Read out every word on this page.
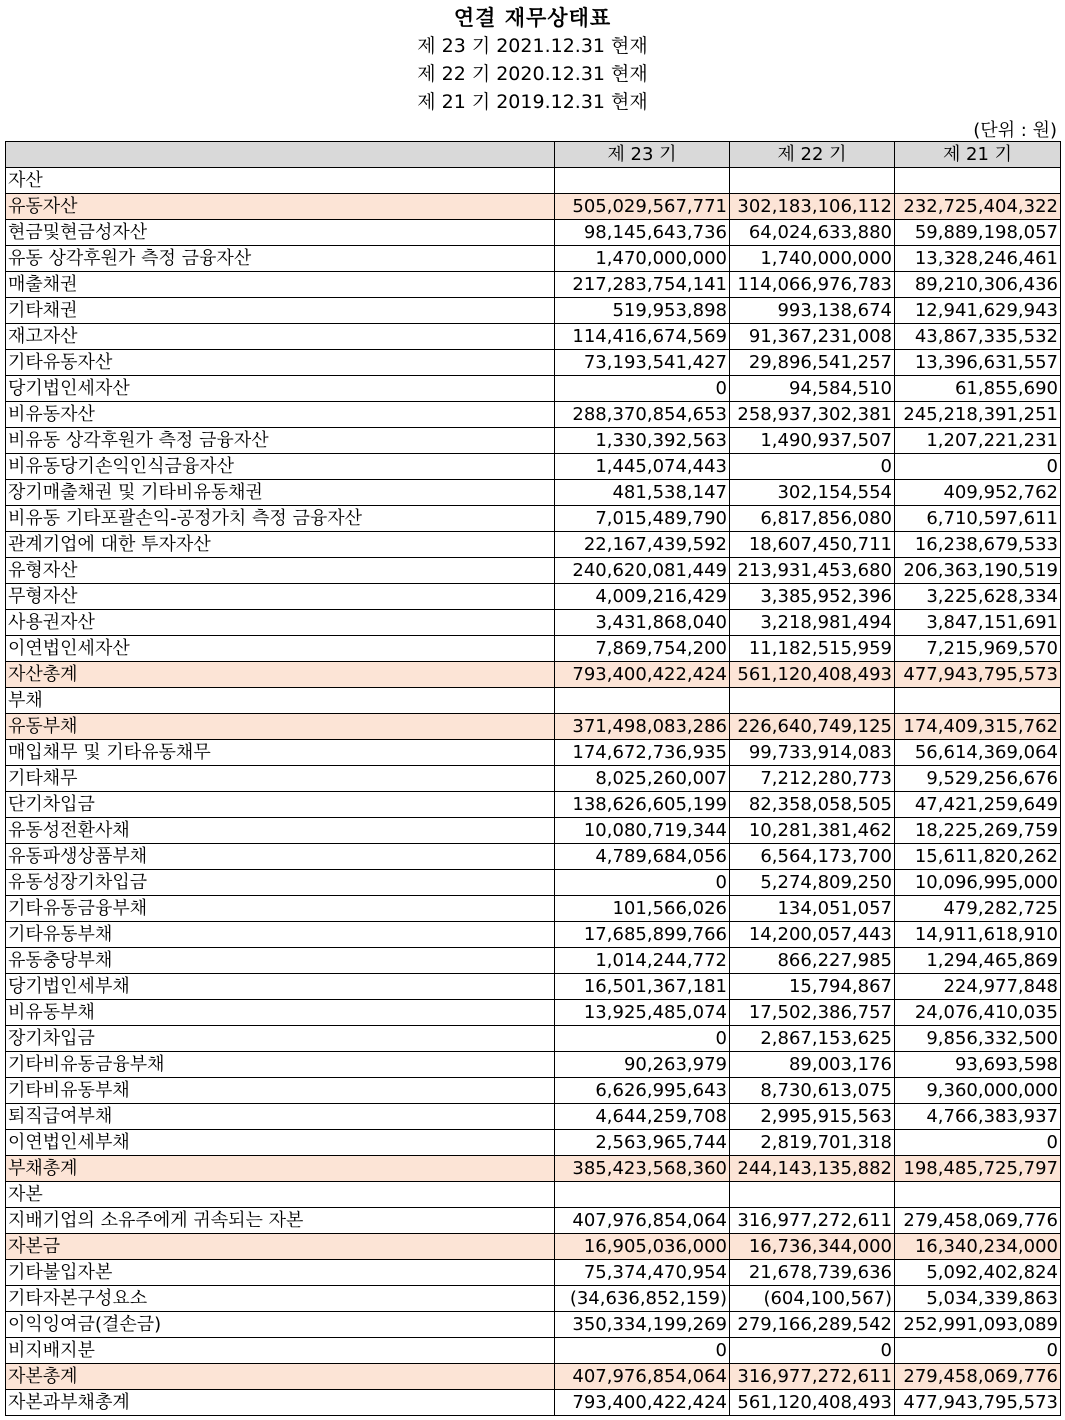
연결 재무상태표
제 23 기 2021.12.31 현재
제 22 기 2020.12.31 현재
제 21 기 2019.12.31 현재
(단위 : 원)
	제 23 기	제 22 기	제 21 기
자산			
유동자산	505,029,567,771	302,183,106,112	232,725,404,322
현금및현금성자산	98,145,643,736	64,024,633,880	59,889,198,057
유동 상각후원가 측정 금융자산	1,470,000,000	1,740,000,000	13,328,246,461
매출채권	217,283,754,141	114,066,976,783	89,210,306,436
기타채권	519,953,898	993,138,674	12,941,629,943
재고자산	114,416,674,569	91,367,231,008	43,867,335,532
기타유동자산	73,193,541,427	29,896,541,257	13,396,631,557
당기법인세자산	0	94,584,510	61,855,690
비유동자산	288,370,854,653	258,937,302,381	245,218,391,251
비유동 상각후원가 측정 금융자산	1,330,392,563	1,490,937,507	1,207,221,231
비유동당기손익인식금융자산	1,445,074,443	0	0
장기매출채권 및 기타비유동채권	481,538,147	302,154,554	409,952,762
비유동 기타포괄손익-공정가치 측정 금융자산	7,015,489,790	6,817,856,080	6,710,597,611
관계기업에 대한 투자자산	22,167,439,592	18,607,450,711	16,238,679,533
유형자산	240,620,081,449	213,931,453,680	206,363,190,519
무형자산	4,009,216,429	3,385,952,396	3,225,628,334
사용권자산	3,431,868,040	3,218,981,494	3,847,151,691
이연법인세자산	7,869,754,200	11,182,515,959	7,215,969,570
자산총계	793,400,422,424	561,120,408,493	477,943,795,573
부채			
유동부채	371,498,083,286	226,640,749,125	174,409,315,762
매입채무 및 기타유동채무	174,672,736,935	99,733,914,083	56,614,369,064
기타채무	8,025,260,007	7,212,280,773	9,529,256,676
단기차입금	138,626,605,199	82,358,058,505	47,421,259,649
유동성전환사채	10,080,719,344	10,281,381,462	18,225,269,759
유동파생상품부채	4,789,684,056	6,564,173,700	15,611,820,262
유동성장기차입금	0	5,274,809,250	10,096,995,000
기타유동금융부채	101,566,026	134,051,057	479,282,725
기타유동부채	17,685,899,766	14,200,057,443	14,911,618,910
유동충당부채	1,014,244,772	866,227,985	1,294,465,869
당기법인세부채	16,501,367,181	15,794,867	224,977,848
비유동부채	13,925,485,074	17,502,386,757	24,076,410,035
장기차입금	0	2,867,153,625	9,856,332,500
기타비유동금융부채	90,263,979	89,003,176	93,693,598
기타비유동부채	6,626,995,643	8,730,613,075	9,360,000,000
퇴직급여부채	4,644,259,708	2,995,915,563	4,766,383,937
이연법인세부채	2,563,965,744	2,819,701,318	0
부채총계	385,423,568,360	244,143,135,882	198,485,725,797
자본			
지배기업의 소유주에게 귀속되는 자본	407,976,854,064	316,977,272,611	279,458,069,776
자본금	16,905,036,000	16,736,344,000	16,340,234,000
기타불입자본	75,374,470,954	21,678,739,636	5,092,402,824
기타자본구성요소	(34,636,852,159)	(604,100,567)	5,034,339,863
이익잉여금(결손금)	350,334,199,269	279,166,289,542	252,991,093,089
비지배지분	0	0	0
자본총계	407,976,854,064	316,977,272,611	279,458,069,776
자본과부채총계	793,400,422,424	561,120,408,493	477,943,795,573
